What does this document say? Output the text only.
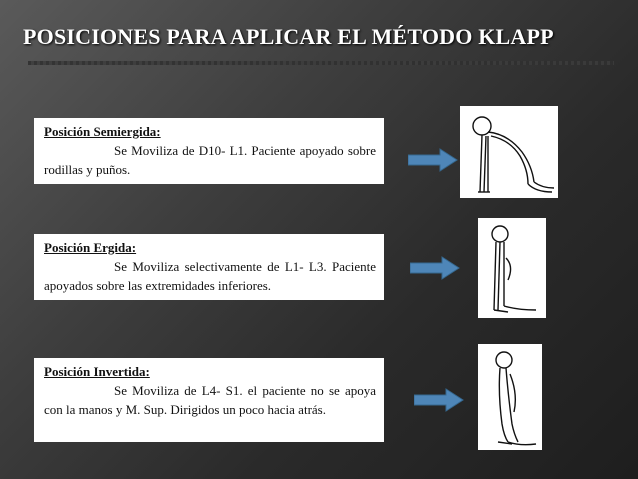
POSICIONES PARA APLICAR EL MÉTODO KLAPP
Posición Semiergida:
Se Moviliza de D10- L1. Paciente apoyado sobre rodillas y puños.
Posición Ergida:
Se Moviliza selectivamente de L1- L3. Paciente apoyados sobre las extremidades inferiores.
Posición Invertida:
Se Moviliza de L4- S1. el paciente no se apoya con la manos y M. Sup. Dirigidos un poco hacia atrás.
